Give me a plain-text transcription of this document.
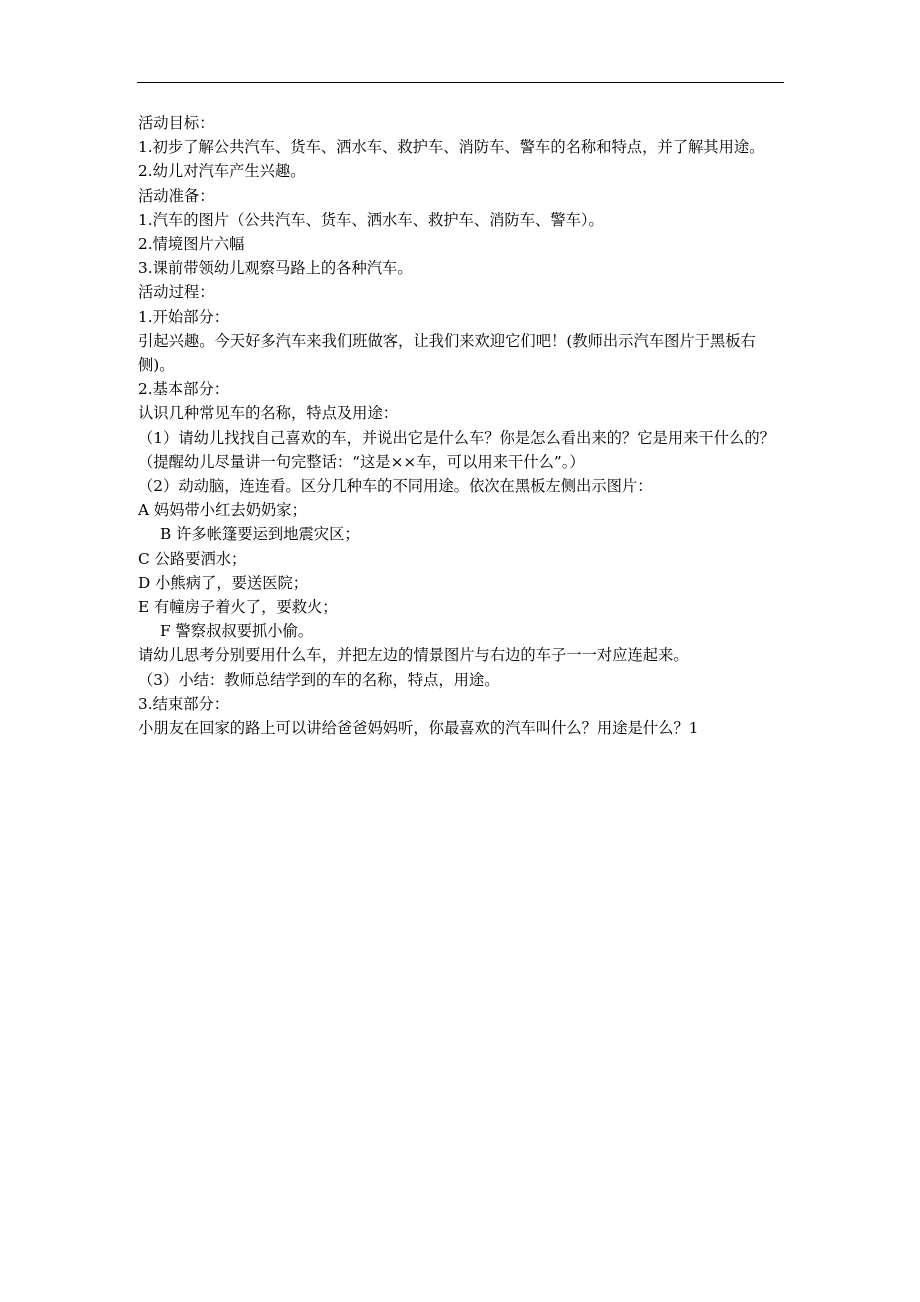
活动目标：
1.初步了解公共汽车、货车、洒水车、救护车、消防车、警车的名称和特点，并了解其用途。
2.幼儿对汽车产生兴趣。
活动准备：
1.汽车的图片（公共汽车、货车、洒水车、救护车、消防车、警车）。
2.情境图片六幅
3.课前带领幼儿观察马路上的各种汽车。
活动过程：
1.开始部分：
引起兴趣。今天好多汽车来我们班做客，让我们来欢迎它们吧！(教师出示汽车图片于黑板右侧)。
2.基本部分：
认识几种常见车的名称，特点及用途：
（1）请幼儿找找自己喜欢的车，并说出它是什么车？你是怎么看出来的？它是用来干什么的？（提醒幼儿尽量讲一句完整话：“这是××车，可以用来干什么”。）
（2）动动脑，连连看。区分几种车的不同用途。依次在黑板左侧出示图片：
A 妈妈带小红去奶奶家；
B 许多帐篷要运到地震灾区；
C 公路要洒水；
D 小熊病了，要送医院；
E 有幢房子着火了，要救火；
F 警察叔叔要抓小偷。
请幼儿思考分别要用什么车，并把左边的情景图片与右边的车子一一对应连起来。
（3）小结：教师总结学到的车的名称，特点，用途。
3.结束部分：
小朋友在回家的路上可以讲给爸爸妈妈听，你最喜欢的汽车叫什么？用途是什么？1
